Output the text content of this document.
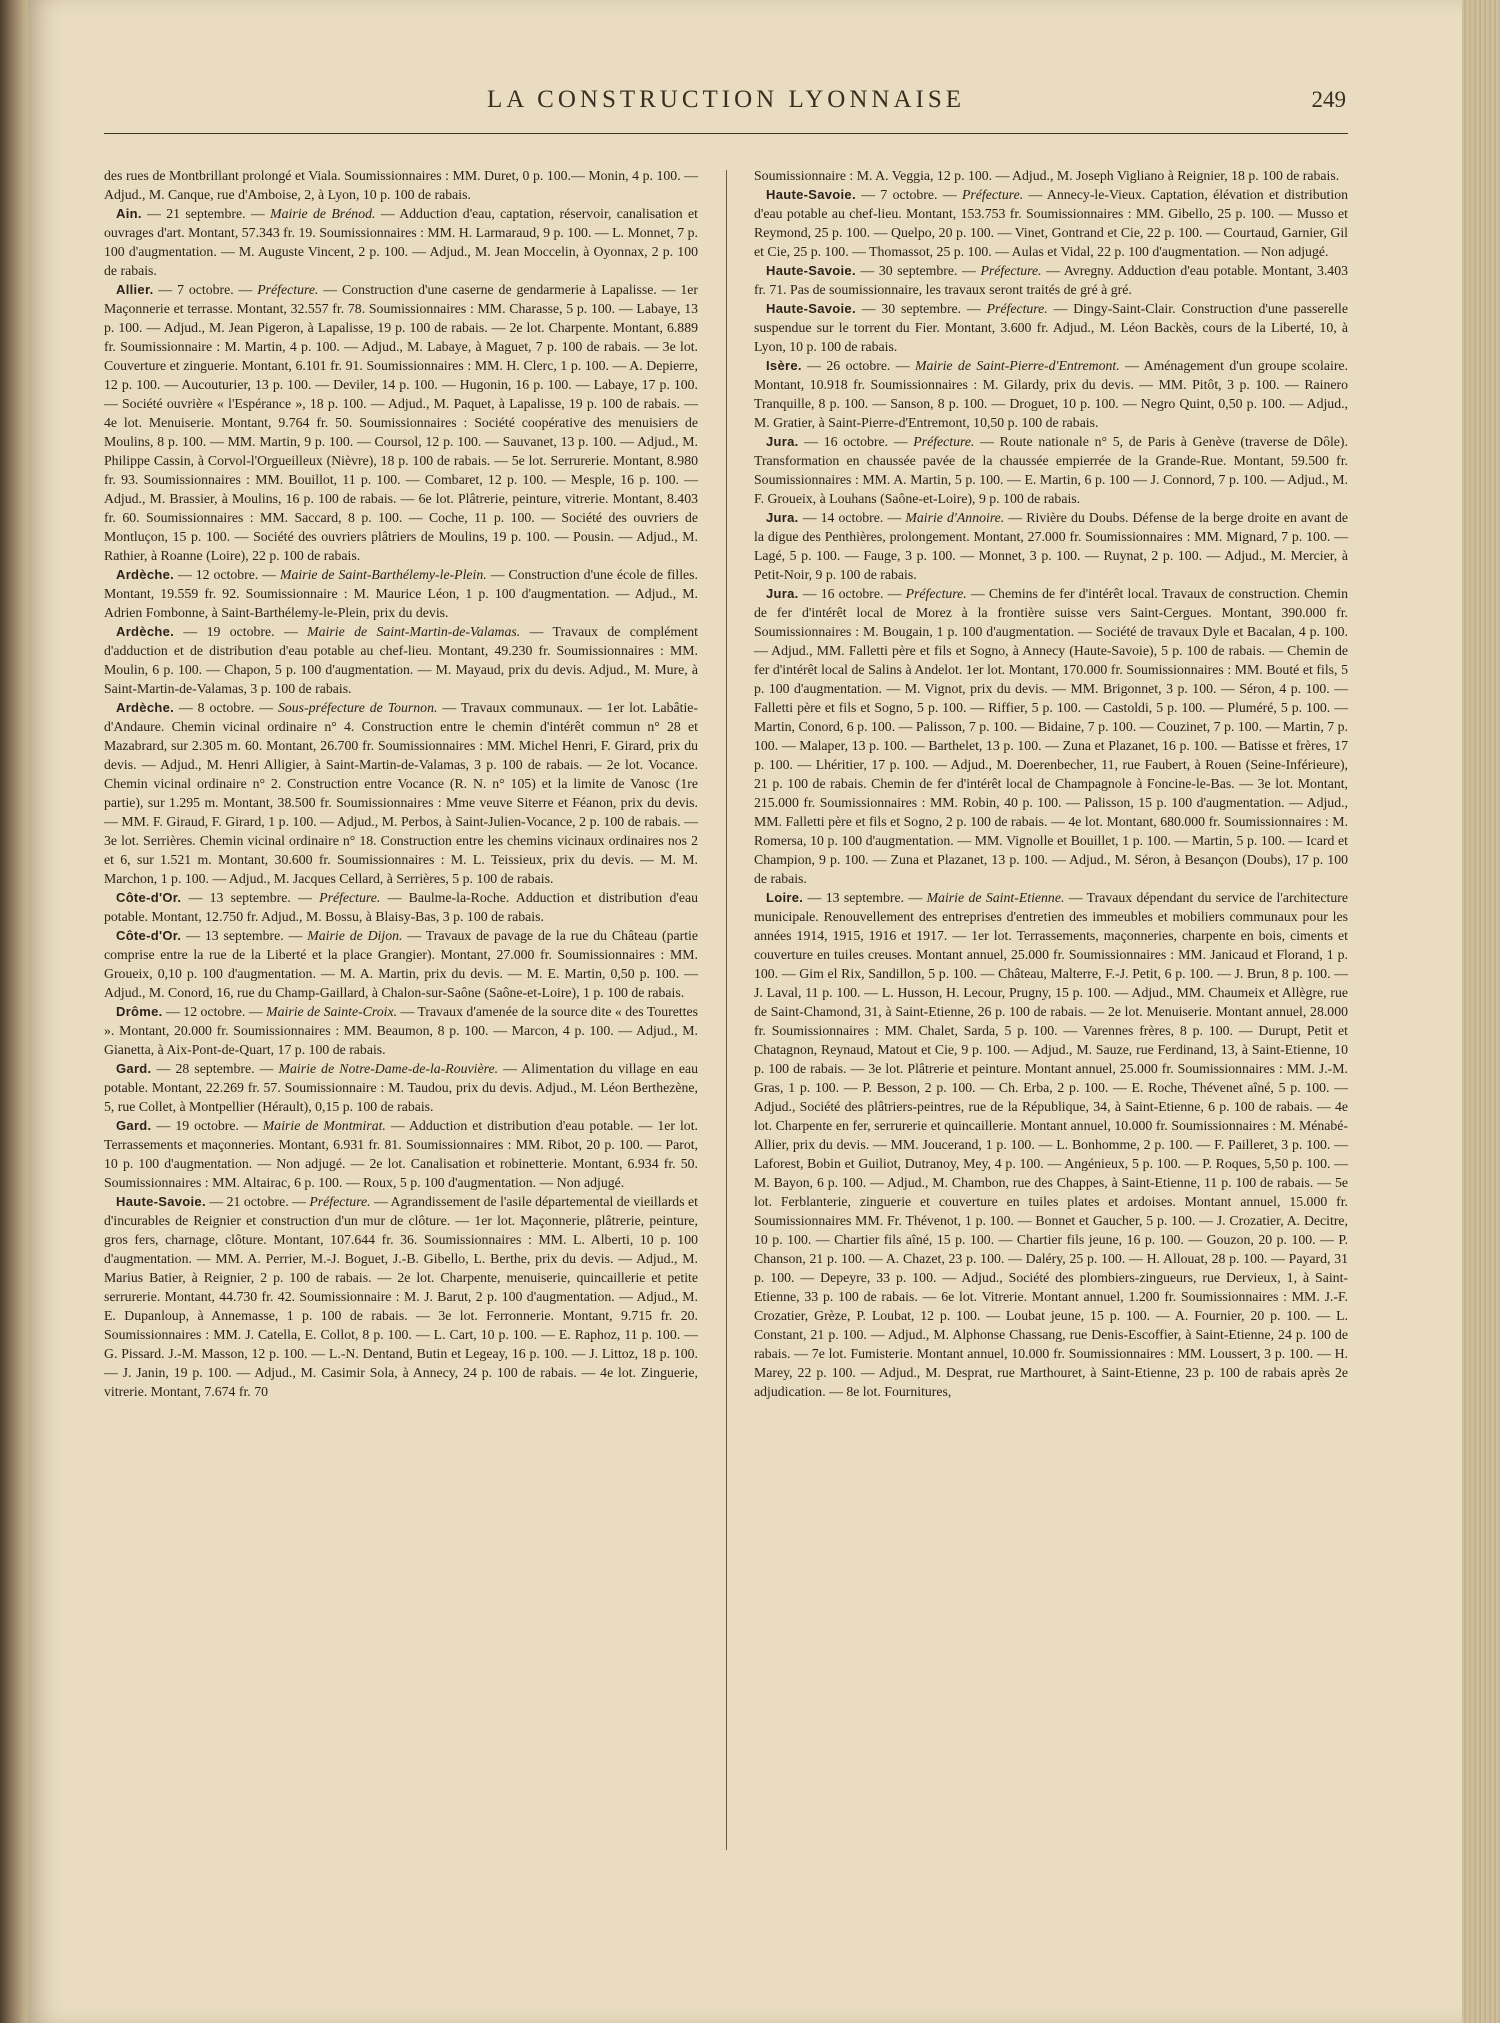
LA CONSTRUCTION LYONNAISE	249

des rues de Montbrillant prolongé et Viala. Soumissionnaires : MM. Duret, 0 p. 100.— Monin, 4 p. 100. — Adjud., M. Canque, rue d'Amboise, 2, à Lyon, 10 p. 100 de rabais.

Ain. — 21 septembre. — Mairie de Brénod. — Adduction d'eau, captation, réservoir, canalisation et ouvrages d'art. Montant, 57.343 fr. 19. Soumissionnaires : MM. H. Larmaraud, 9 p. 100. — L. Monnet, 7 p. 100 d'augmentation. — M. Auguste Vincent, 2 p. 100. — Adjud., M. Jean Moccelin, à Oyonnax, 2 p. 100 de rabais.

Allier. — 7 octobre. — Préfecture. — Construction d'une caserne de gendarmerie à Lapalisse. — 1er Maçonnerie et terrasse. Montant, 32.557 fr. 78. Soumissionnaires : MM. Charasse, 5 p. 100. — Labaye, 13 p. 100. — Adjud., M. Jean Pigeron, à Lapalisse, 19 p. 100 de rabais. — 2e lot. Charpente. Montant, 6.889 fr. Soumissionnaire : M. Martin, 4 p. 100. — Adjud., M. Labaye, à Maguet, 7 p. 100 de rabais. — 3e lot. Couverture et zinguerie. Montant, 6.101 fr. 91. Soumissionnaires : MM. H. Clerc, 1 p. 100. — A. Depierre, 12 p. 100. — Aucouturier, 13 p. 100. — Deviler, 14 p. 100. — Hugonin, 16 p. 100. — Labaye, 17 p. 100. — Société ouvrière « l'Espérance », 18 p. 100. — Adjud., M. Paquet, à Lapalisse, 19 p. 100 de rabais. — 4e lot. Menuiserie. Montant, 9.764 fr. 50. Soumissionnaires : Société coopérative des menuisiers de Moulins, 8 p. 100. — MM. Martin, 9 p. 100. — Coursol, 12 p. 100. — Sauvanet, 13 p. 100. — Adjud., M. Philippe Cassin, à Corvol-l'Orgueilleux (Nièvre), 18 p. 100 de rabais. — 5e lot. Serrurerie. Montant, 8.980 fr. 93. Soumissionnaires : MM. Bouillot, 11 p. 100. — Combaret, 12 p. 100. — Mesple, 16 p. 100. — Adjud., M. Brassier, à Moulins, 16 p. 100 de rabais. — 6e lot. Plâtrerie, peinture, vitrerie. Montant, 8.403 fr. 60. Soumissionnaires : MM. Saccard, 8 p. 100. — Coche, 11 p. 100. — Société des ouvriers de Montluçon, 15 p. 100. — Société des ouvriers plâtriers de Moulins, 19 p. 100. — Pousin. — Adjud., M. Rathier, à Roanne (Loire), 22 p. 100 de rabais.

Ardèche. — 12 octobre. — Mairie de Saint-Barthélemy-le-Plein. — Construction d'une école de filles. Montant, 19.559 fr. 92. Soumissionnaire : M. Maurice Léon, 1 p. 100 d'augmentation. — Adjud., M. Adrien Fombonne, à Saint-Barthélemy-le-Plein, prix du devis.

Ardèche. — 19 octobre. — Mairie de Saint-Martin-de-Valamas. — Travaux de complément d'adduction et de distribution d'eau potable au chef-lieu. Montant, 49.230 fr. Soumissionnaires : MM. Moulin, 6 p. 100. — Chapon, 5 p. 100 d'augmentation. — M. Mayaud, prix du devis. Adjud., M. Mure, à Saint-Martin-de-Valamas, 3 p. 100 de rabais.

Ardèche. — 8 octobre. — Sous-préfecture de Tournon. — Travaux communaux. — 1er lot. Labâtie-d'Andaure. Chemin vicinal ordinaire n° 4. Construction entre le chemin d'intérêt commun n° 28 et Mazabrard, sur 2.305 m. 60. Montant, 26.700 fr. Soumissionnaires : MM. Michel Henri, F. Girard, prix du devis. — Adjud., M. Henri Alligier, à Saint-Martin-de-Valamas, 3 p. 100 de rabais. — 2e lot. Vocance. Chemin vicinal ordinaire n° 2. Construction entre Vocance (R. N. n° 105) et la limite de Vanosc (1re partie), sur 1.295 m. Montant, 38.500 fr. Soumissionnaires : Mme veuve Siterre et Féanon, prix du devis. — MM. F. Giraud, F. Girard, 1 p. 100. — Adjud., M. Perbos, à Saint-Julien-Vocance, 2 p. 100 de rabais. — 3e lot. Serrières. Chemin vicinal ordinaire n° 18. Construction entre les chemins vicinaux ordinaires nos 2 et 6, sur 1.521 m. Montant, 30.600 fr. Soumissionnaires : M. L. Teissieux, prix du devis. — M. M. Marchon, 1 p. 100. — Adjud., M. Jacques Cellard, à Serrières, 5 p. 100 de rabais.

Côte-d'Or. — 13 septembre. — Préfecture. — Baulme-la-Roche. Adduction et distribution d'eau potable. Montant, 12.750 fr. Adjud., M. Bossu, à Blaisy-Bas, 3 p. 100 de rabais.

Côte-d'Or. — 13 septembre. — Mairie de Dijon. — Travaux de pavage de la rue du Château (partie comprise entre la rue de la Liberté et la place Grangier). Montant, 27.000 fr. Soumissionnaires : MM. Groueix, 0,10 p. 100 d'augmentation. — M. A. Martin, prix du devis. — M. E. Martin, 0,50 p. 100. — Adjud., M. Conord, 16, rue du Champ-Gaillard, à Chalon-sur-Saône (Saône-et-Loire), 1 p. 100 de rabais.

Drôme. — 12 octobre. — Mairie de Sainte-Croix. — Travaux d'amenée de la source dite « des Tourettes ». Montant, 20.000 fr. Soumissionnaires : MM. Beaumon, 8 p. 100. — Marcon, 4 p. 100. — Adjud., M. Gianetta, à Aix-Pont-de-Quart, 17 p. 100 de rabais.

Gard. — 28 septembre. — Mairie de Notre-Dame-de-la-Rouvière. — Alimentation du village en eau potable. Montant, 22.269 fr. 57. Soumissionnaire : M. Taudou, prix du devis. Adjud., M. Léon Berthezène, 5, rue Collet, à Montpellier (Hérault), 0,15 p. 100 de rabais.

Gard. — 19 octobre. — Mairie de Montmirat. — Adduction et distribution d'eau potable. — 1er lot. Terrassements et maçonneries. Montant, 6.931 fr. 81. Soumissionnaires : MM. Ribot, 20 p. 100. — Parot, 10 p. 100 d'augmentation. — Non adjugé. — 2e lot. Canalisation et robinetterie. Montant, 6.934 fr. 50. Soumissionnaires : MM. Altairac, 6 p. 100. — Roux, 5 p. 100 d'augmentation. — Non adjugé.

Haute-Savoie. — 21 octobre. — Préfecture. — Agrandissement de l'asile départemental de vieillards et d'incurables de Reignier et construction d'un mur de clôture. — 1er lot. Maçonnerie, plâtrerie, peinture, gros fers, charnage, clôture. Montant, 107.644 fr. 36. Soumissionnaires : MM. L. Alberti, 10 p. 100 d'augmentation. — MM. A. Perrier, M.-J. Boguet, J.-B. Gibello, L. Berthe, prix du devis. — Adjud., M. Marius Batier, à Reignier, 2 p. 100 de rabais. — 2e lot. Charpente, menuiserie, quincaillerie et petite serrurerie. Montant, 44.730 fr. 42. Soumissionnaire : M. J. Barut, 2 p. 100 d'augmentation. — Adjud., M. E. Dupanloup, à Annemasse, 1 p. 100 de rabais. — 3e lot. Ferronnerie. Montant, 9.715 fr. 20. Soumissionnaires : MM. J. Catella, E. Collot, 8 p. 100. — L. Cart, 10 p. 100. — E. Raphoz, 11 p. 100. — G. Pissard. J.-M. Masson, 12 p. 100. — L.-N. Dentand, Butin et Legeay, 16 p. 100. — J. Littoz, 18 p. 100. — J. Janin, 19 p. 100. — Adjud., M. Casimir Sola, à Annecy, 24 p. 100 de rabais. — 4e lot. Zinguerie, vitrerie. Montant, 7.674 fr. 70

Soumissionnaire : M. A. Veggia, 12 p. 100. — Adjud., M. Joseph Vigliano à Reignier, 18 p. 100 de rabais.

Haute-Savoie. — 7 octobre. — Préfecture. — Annecy-le-Vieux. Captation, élévation et distribution d'eau potable au chef-lieu. Montant, 153.753 fr. Soumissionnaires : MM. Gibello, 25 p. 100. — Musso et Reymond, 25 p. 100. — Quelpo, 20 p. 100. — Vinet, Gontrand et Cie, 22 p. 100. — Courtaud, Garnier, Gil et Cie, 25 p. 100. — Thomassot, 25 p. 100. — Aulas et Vidal, 22 p. 100 d'augmentation. — Non adjugé.

Haute-Savoie. — 30 septembre. — Préfecture. — Avregny. Adduction d'eau potable. Montant, 3.403 fr. 71. Pas de soumissionnaire, les travaux seront traités de gré à gré.

Haute-Savoie. — 30 septembre. — Préfecture. — Dingy-Saint-Clair. Construction d'une passerelle suspendue sur le torrent du Fier. Montant, 3.600 fr. Adjud., M. Léon Backès, cours de la Liberté, 10, à Lyon, 10 p. 100 de rabais.

Isère. — 26 octobre. — Mairie de Saint-Pierre-d'Entremont. — Aménagement d'un groupe scolaire. Montant, 10.918 fr. Soumissionnaires : M. Gilardy, prix du devis. — MM. Pitôt, 3 p. 100. — Rainero Tranquille, 8 p. 100. — Sanson, 8 p. 100. — Droguet, 10 p. 100. — Negro Quint, 0,50 p. 100. — Adjud., M. Gratier, à Saint-Pierre-d'Entremont, 10,50 p. 100 de rabais.

Jura. — 16 octobre. — Préfecture. — Route nationale n° 5, de Paris à Genève (traverse de Dôle). Transformation en chaussée pavée de la chaussée empierrée de la Grande-Rue. Montant, 59.500 fr. Soumissionnaires : MM. A. Martin, 5 p. 100. — E. Martin, 6 p. 100 — J. Connord, 7 p. 100. — Adjud., M. F. Groueix, à Louhans (Saône-et-Loire), 9 p. 100 de rabais.

Jura. — 14 octobre. — Mairie d'Annoire. — Rivière du Doubs. Défense de la berge droite en avant de la digue des Penthières, prolongement. Montant, 27.000 fr. Soumissionnaires : MM. Mignard, 7 p. 100. — Lagé, 5 p. 100. — Fauge, 3 p. 100. — Monnet, 3 p. 100. — Ruynat, 2 p. 100. — Adjud., M. Mercier, à Petit-Noir, 9 p. 100 de rabais.

Jura. — 16 octobre. — Préfecture. — Chemins de fer d'intérêt local. Travaux de construction. Chemin de fer d'intérêt local de Morez à la frontière suisse vers Saint-Cergues. Montant, 390.000 fr. Soumissionnaires : M. Bougain, 1 p. 100 d'augmentation. — Société de travaux Dyle et Bacalan, 4 p. 100. — Adjud., MM. Falletti père et fils et Sogno, à Annecy (Haute-Savoie), 5 p. 100 de rabais. — Chemin de fer d'intérêt local de Salins à Andelot. 1er lot. Montant, 170.000 fr. Soumissionnaires : MM. Bouté et fils, 5 p. 100 d'augmentation. — M. Vignot, prix du devis. — MM. Brigonnet, 3 p. 100. — Séron, 4 p. 100. — Falletti père et fils et Sogno, 5 p. 100. — Riffier, 5 p. 100. — Castoldi, 5 p. 100. — Pluméré, 5 p. 100. — Martin, Conord, 6 p. 100. — Palisson, 7 p. 100. — Bidaine, 7 p. 100. — Couzinet, 7 p. 100. — Martin, 7 p. 100. — Malaper, 13 p. 100. — Barthelet, 13 p. 100. — Zuna et Plazanet, 16 p. 100. — Batisse et frères, 17 p. 100. — Lhéritier, 17 p. 100. — Adjud., M. Doerenbecher, 11, rue Faubert, à Rouen (Seine-Inférieure), 21 p. 100 de rabais. Chemin de fer d'intérêt local de Champagnole à Foncine-le-Bas. — 3e lot. Montant, 215.000 fr. Soumissionnaires : MM. Robin, 40 p. 100. — Palisson, 15 p. 100 d'augmentation. — Adjud., MM. Falletti père et fils et Sogno, 2 p. 100 de rabais. — 4e lot. Montant, 680.000 fr. Soumissionnaires : M. Romersa, 10 p. 100 d'augmentation. — MM. Vignolle et Bouillet, 1 p. 100. — Martin, 5 p. 100. — Icard et Champion, 9 p. 100. — Zuna et Plazanet, 13 p. 100. — Adjud., M. Séron, à Besançon (Doubs), 17 p. 100 de rabais.

Loire. — 13 septembre. — Mairie de Saint-Etienne. — Travaux dépendant du service de l'architecture municipale. Renouvellement des entreprises d'entretien des immeubles et mobiliers communaux pour les années 1914, 1915, 1916 et 1917. — 1er lot. Terrassements, maçonneries, charpente en bois, ciments et couverture en tuiles creuses. Montant annuel, 25.000 fr. Soumissionnaires : MM. Janicaud et Florand, 1 p. 100. — Gim el Rix, Sandillon, 5 p. 100. — Château, Malterre, F.-J. Petit, 6 p. 100. — J. Brun, 8 p. 100. — J. Laval, 11 p. 100. — L. Husson, H. Lecour, Prugny, 15 p. 100. — Adjud., MM. Chaumeix et Allègre, rue de Saint-Chamond, 31, à Saint-Etienne, 26 p. 100 de rabais. — 2e lot. Menuiserie. Montant annuel, 28.000 fr. Soumissionnaires : MM. Chalet, Sarda, 5 p. 100. — Varennes frères, 8 p. 100. — Durupt, Petit et Chatagnon, Reynaud, Matout et Cie, 9 p. 100. — Adjud., M. Sauze, rue Ferdinand, 13, à Saint-Etienne, 10 p. 100 de rabais. — 3e lot. Plâtrerie et peinture. Montant annuel, 25.000 fr. Soumissionnaires : MM. J.-M. Gras, 1 p. 100. — P. Besson, 2 p. 100. — Ch. Erba, 2 p. 100. — E. Roche, Thévenet aîné, 5 p. 100. — Adjud., Société des plâtriers-peintres, rue de la République, 34, à Saint-Etienne, 6 p. 100 de rabais. — 4e lot. Charpente en fer, serrurerie et quincaillerie. Montant annuel, 10.000 fr. Soumissionnaires : M. Ménabé-Allier, prix du devis. — MM. Joucerand, 1 p. 100. — L. Bonhomme, 2 p. 100. — F. Pailleret, 3 p. 100. — Laforest, Bobin et Guiliot, Dutranoy, Mey, 4 p. 100. — Angénieux, 5 p. 100. — P. Roques, 5,50 p. 100. — M. Bayon, 6 p. 100. — Adjud., M. Chambon, rue des Chappes, à Saint-Etienne, 11 p. 100 de rabais. — 5e lot. Ferblanterie, zinguerie et couverture en tuiles plates et ardoises. Montant annuel, 15.000 fr. Soumissionnaires MM. Fr. Thévenot, 1 p. 100. — Bonnet et Gaucher, 5 p. 100. — J. Crozatier, A. Decitre, 10 p. 100. — Chartier fils aîné, 15 p. 100. — Chartier fils jeune, 16 p. 100. — Gouzon, 20 p. 100. — P. Chanson, 21 p. 100. — A. Chazet, 23 p. 100. — Daléry, 25 p. 100. — H. Allouat, 28 p. 100. — Payard, 31 p. 100. — Depeyre, 33 p. 100. — Adjud., Société des plombiers-zingueurs, rue Dervieux, 1, à Saint-Etienne, 33 p. 100 de rabais. — 6e lot. Vitrerie. Montant annuel, 1.200 fr. Soumissionnaires : MM. J.-F. Crozatier, Grèze, P. Loubat, 12 p. 100. — Loubat jeune, 15 p. 100. — A. Fournier, 20 p. 100. — L. Constant, 21 p. 100. — Adjud., M. Alphonse Chassang, rue Denis-Escoffier, à Saint-Etienne, 24 p. 100 de rabais. — 7e lot. Fumisterie. Montant annuel, 10.000 fr. Soumissionnaires : MM. Loussert, 3 p. 100. — H. Marey, 22 p. 100. — Adjud., M. Desprat, rue Marthouret, à Saint-Etienne, 23 p. 100 de rabais après 2e adjudication. — 8e lot. Fournitures,
